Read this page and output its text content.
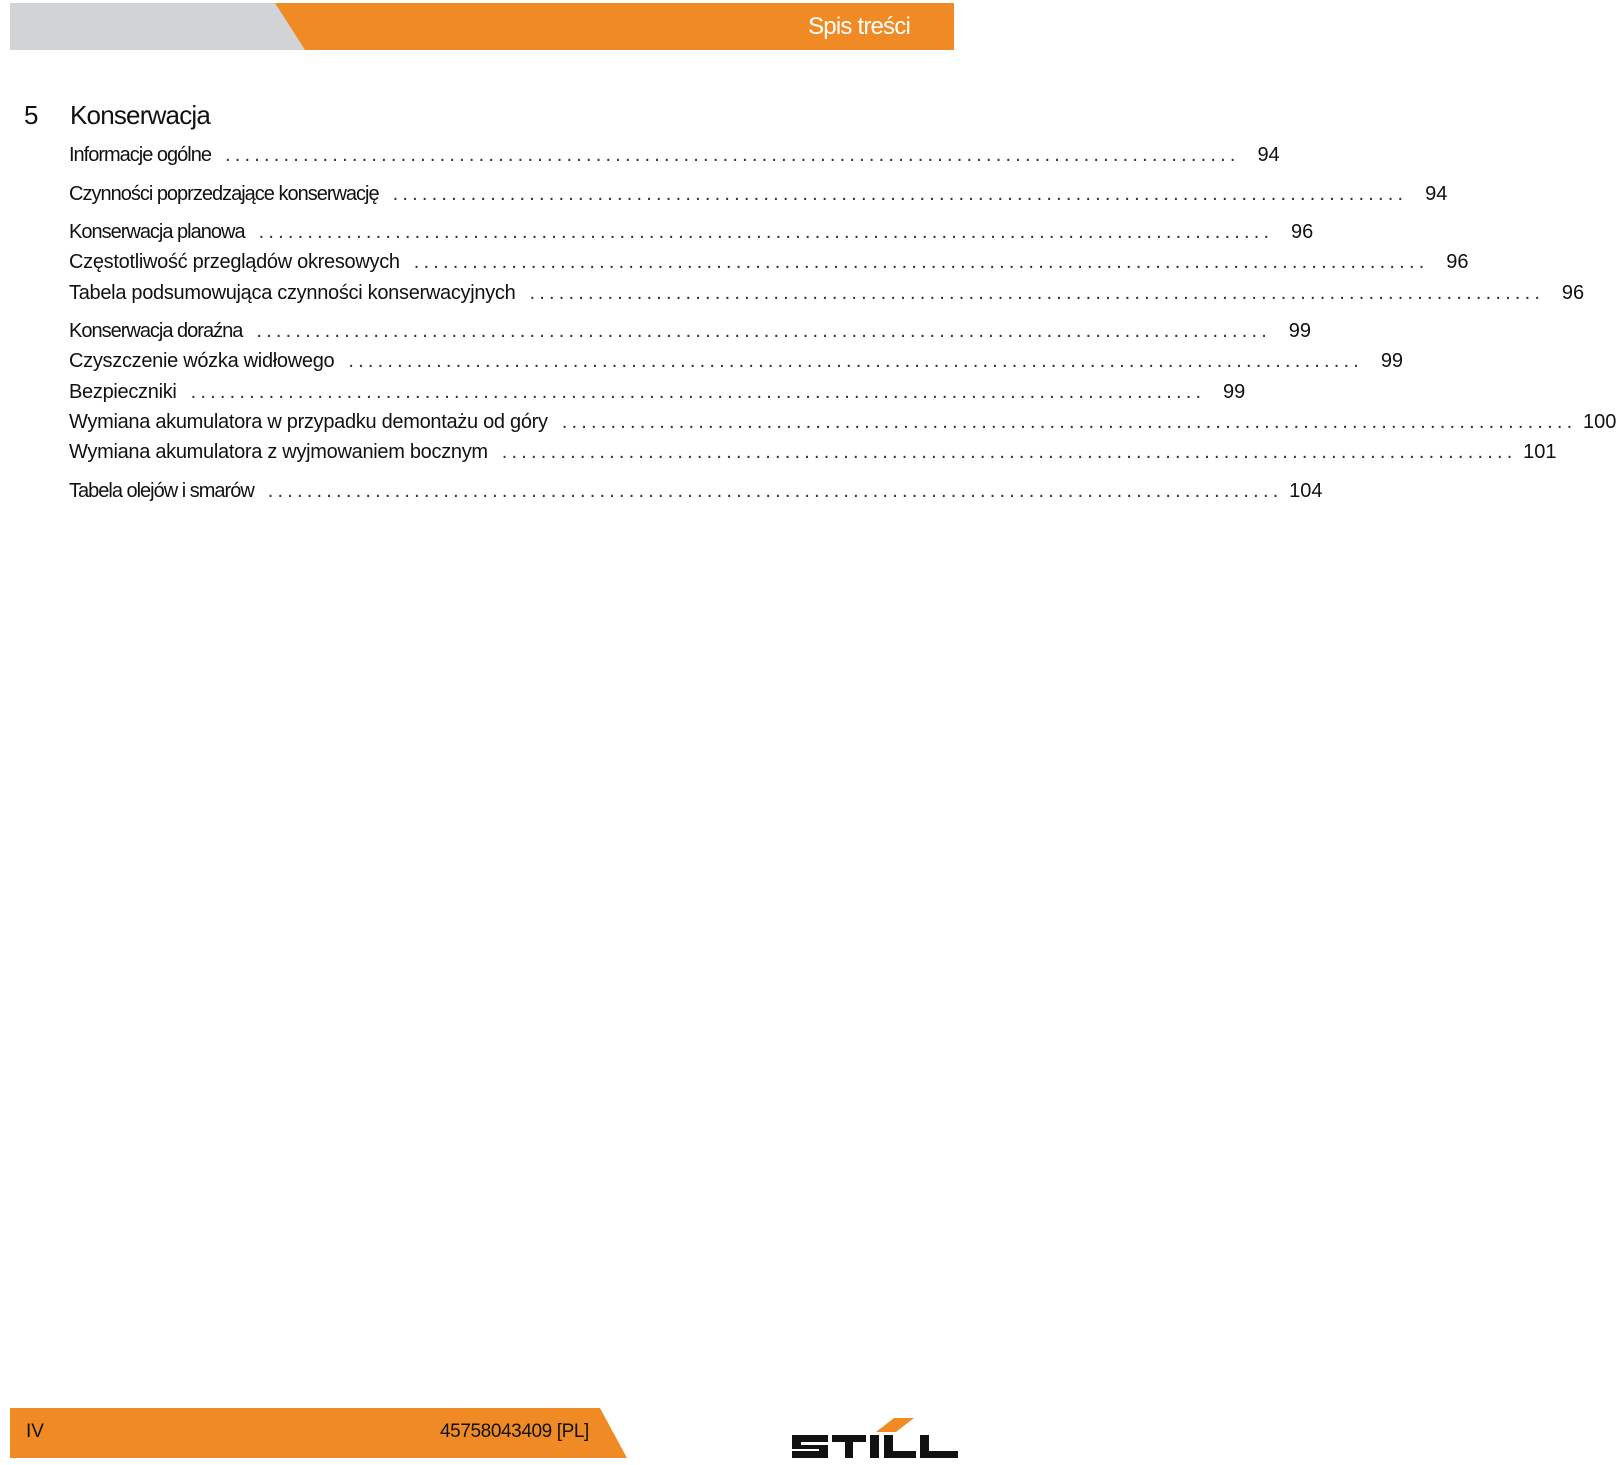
Spis treści
5 Konserwacja
Informacje ogólne ........................................................................................................ 94
Czynności poprzedzające konserwację ........................................................................................................ 94
Konserwacja planowa ........................................................................................................ 96
Częstotliwość przeglądów okresowych ........................................................................................................ 96
Tabela podsumowująca czynności konserwacyjnych ........................................................................................................ 96
Konserwacja doraźna ........................................................................................................ 99
Czyszczenie wózka widłowego ........................................................................................................ 99
Bezpieczniki ........................................................................................................ 99
Wymiana akumulatora w przypadku demontażu od góry ........................................................................................................ 100
Wymiana akumulatora z wyjmowaniem bocznym ........................................................................................................ 101
Tabela olejów i smarów ........................................................................................................ 104
IV	45758043409 [PL]
